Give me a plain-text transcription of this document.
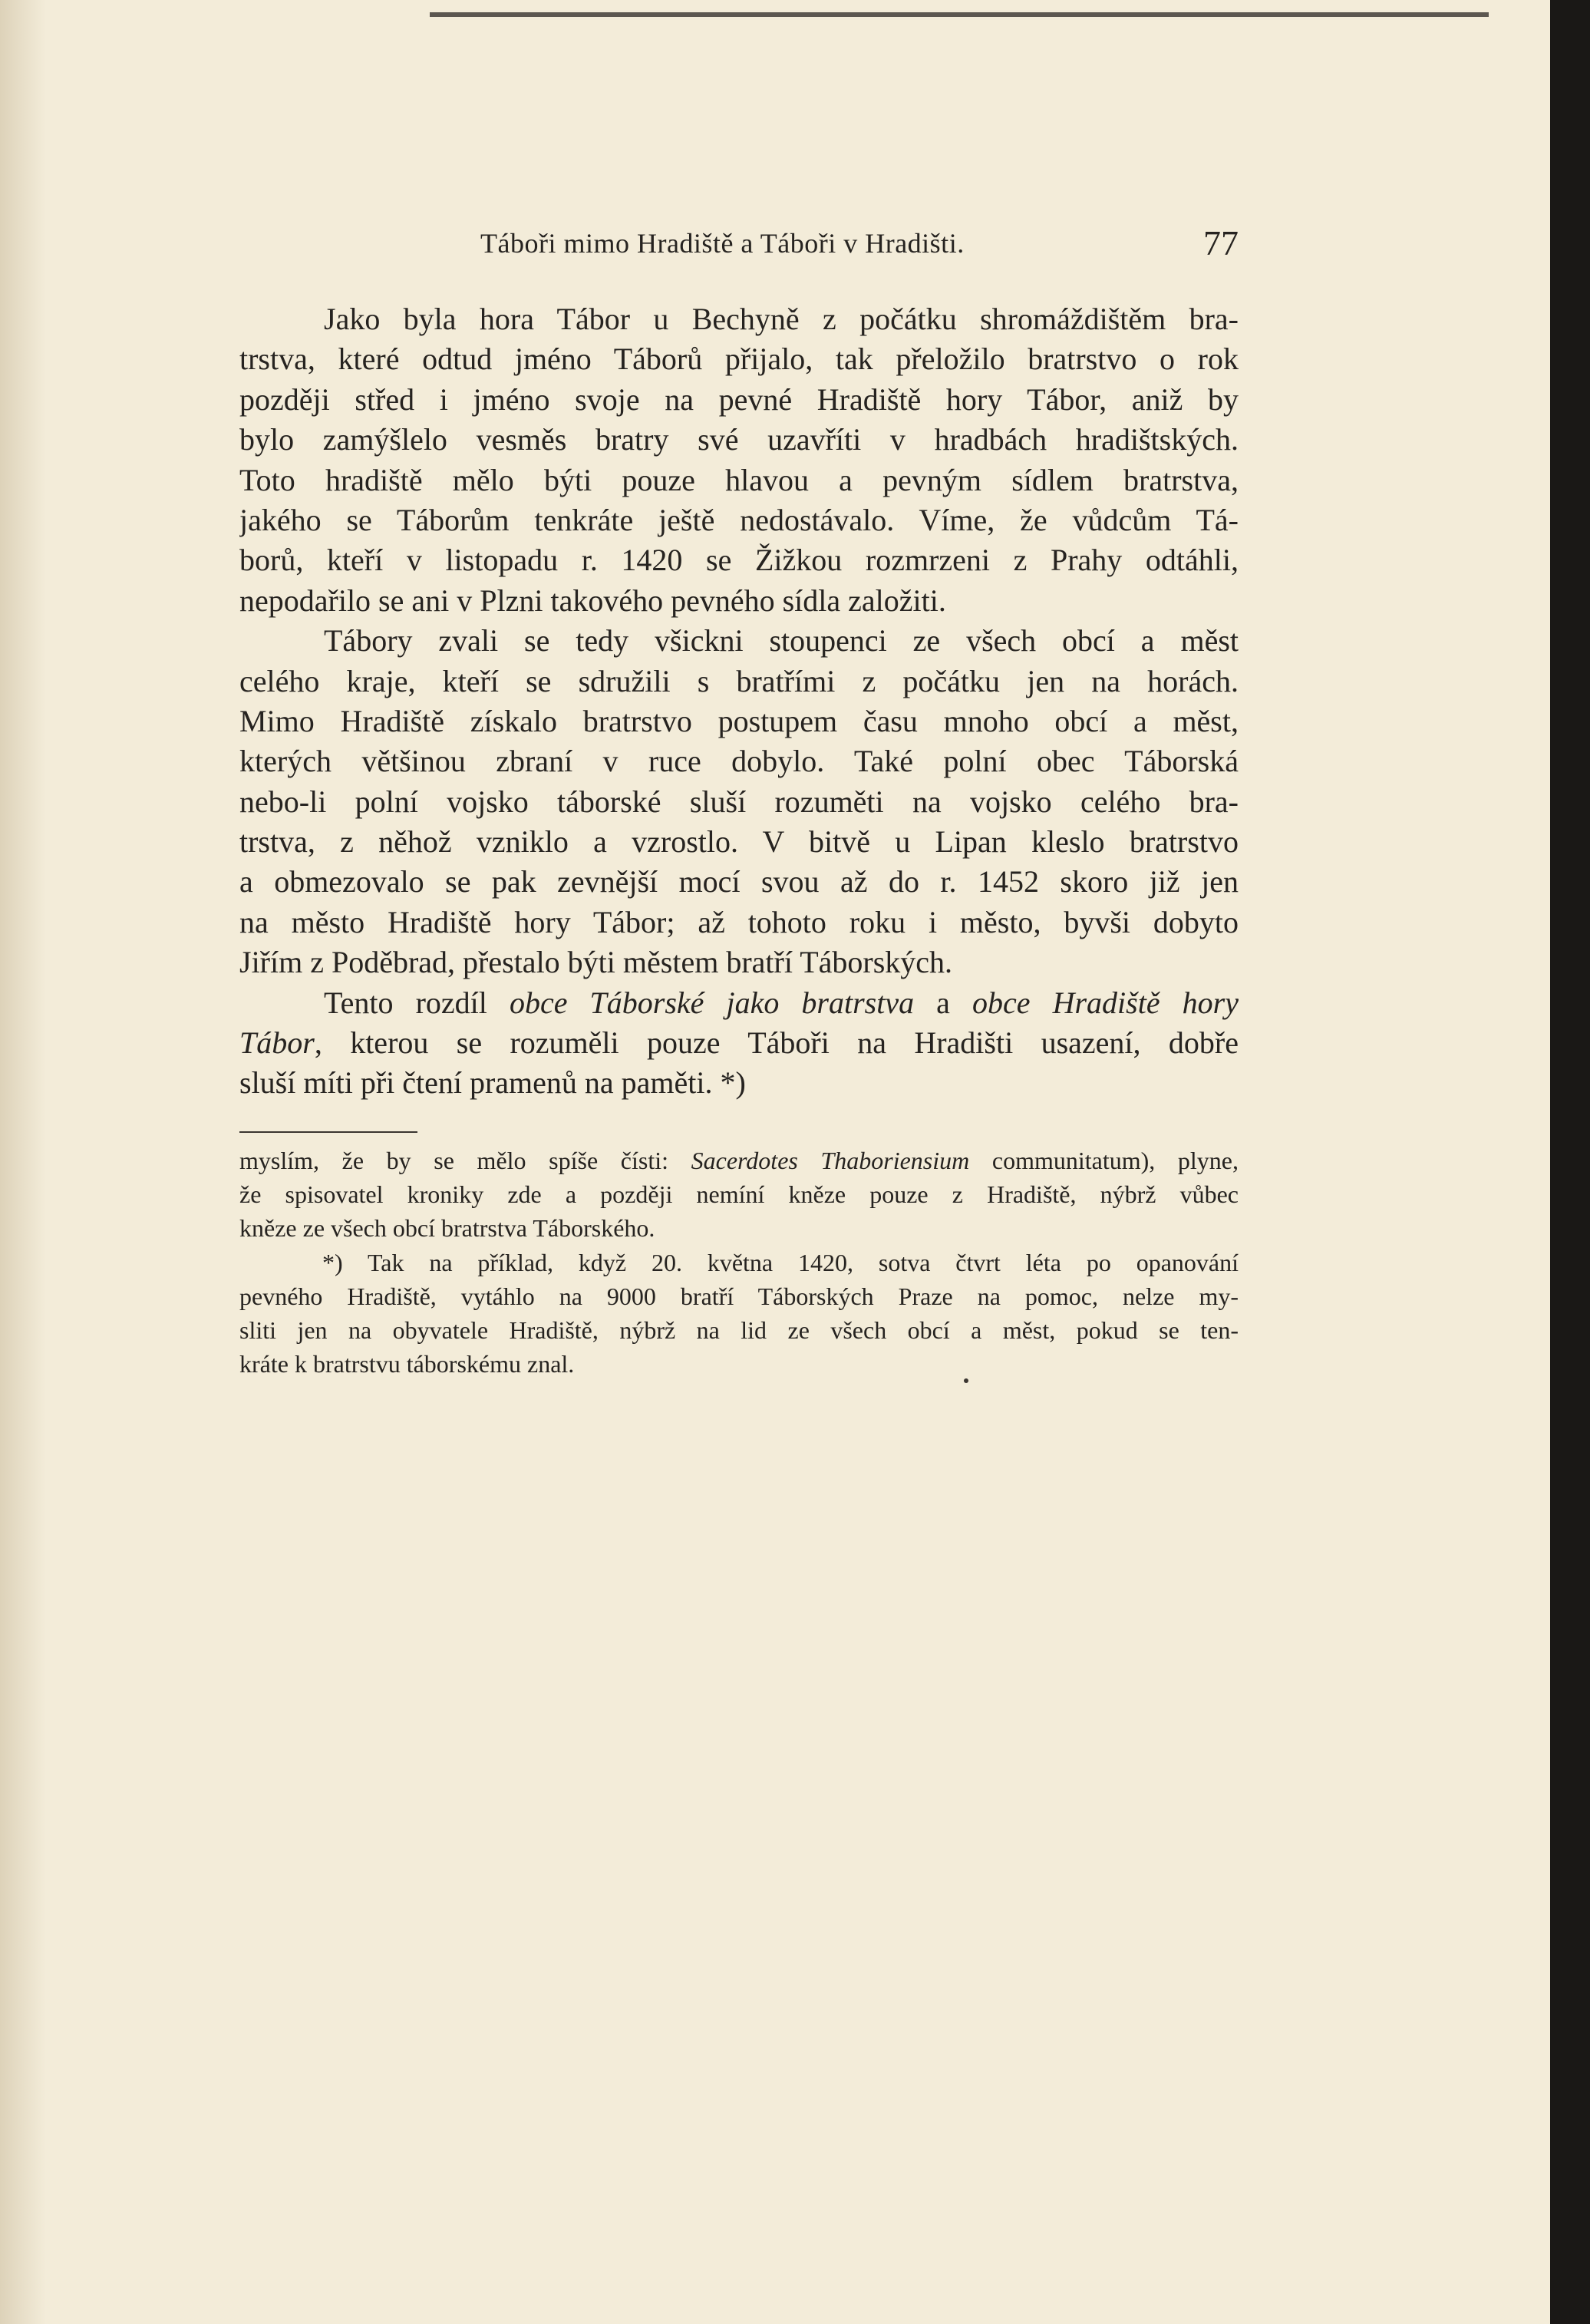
Táboři mimo Hradiště a Táboři v Hradišti.	77
Jako byla hora Tábor u Bechyně z počátku shromáždištěm bra-
trstva, které odtud jméno Táborů přijalo, tak přeložilo bratrstvo o rok
později střed i jméno svoje na pevné Hradiště hory Tábor, aniž by
bylo zamýšlelo vesměs bratry své uzavříti v hradbách hradištských.
Toto hradiště mělo býti pouze hlavou a pevným sídlem bratrstva,
jakého se Táborům tenkráte ještě nedostávalo. Víme, že vůdcům Tá-
borů, kteří v listopadu r. 1420 se Žižkou rozmrzeni z Prahy odtáhli,
nepodařilo se ani v Plzni takového pevného sídla založiti.
Tábory zvali se tedy všickni stoupenci ze všech obcí a měst
celého kraje, kteří se sdružili s bratřími z počátku jen na horách.
Mimo Hradiště získalo bratrstvo postupem času mnoho obcí a měst,
kterých většinou zbraní v ruce dobylo. Také polní obec Táborská
nebo-li polní vojsko táborské sluší rozuměti na vojsko celého bra-
trstva, z něhož vzniklo a vzrostlo. V bitvě u Lipan kleslo bratrstvo
a obmezovalo se pak zevnější mocí svou až do r. 1452 skoro již jen
na město Hradiště hory Tábor; až tohoto roku i město, byvši dobyto
Jiřím z Poděbrad, přestalo býti městem bratří Táborských.
Tento rozdíl obce Táborské jako bratrstva a obce Hradiště hory
Tábor, kterou se rozuměli pouze Táboři na Hradišti usazení, dobře
sluší míti při čtení pramenů na paměti. *)
myslím, že by se mělo spíše čísti: Sacerdotes Thaboriensium communitatum), plyne,
že spisovatel kroniky zde a později nemíní kněze pouze z Hradiště, nýbrž vůbec
kněze ze všech obcí bratrstva Táborského.
*) Tak na příklad, když 20. května 1420, sotva čtvrt léta po opanování
pevného Hradiště, vytáhlo na 9000 bratří Táborských Praze na pomoc, nelze my-
sliti jen na obyvatele Hradiště, nýbrž na lid ze všech obcí a měst, pokud se ten-
kráte k bratrstvu táborskému znal.
